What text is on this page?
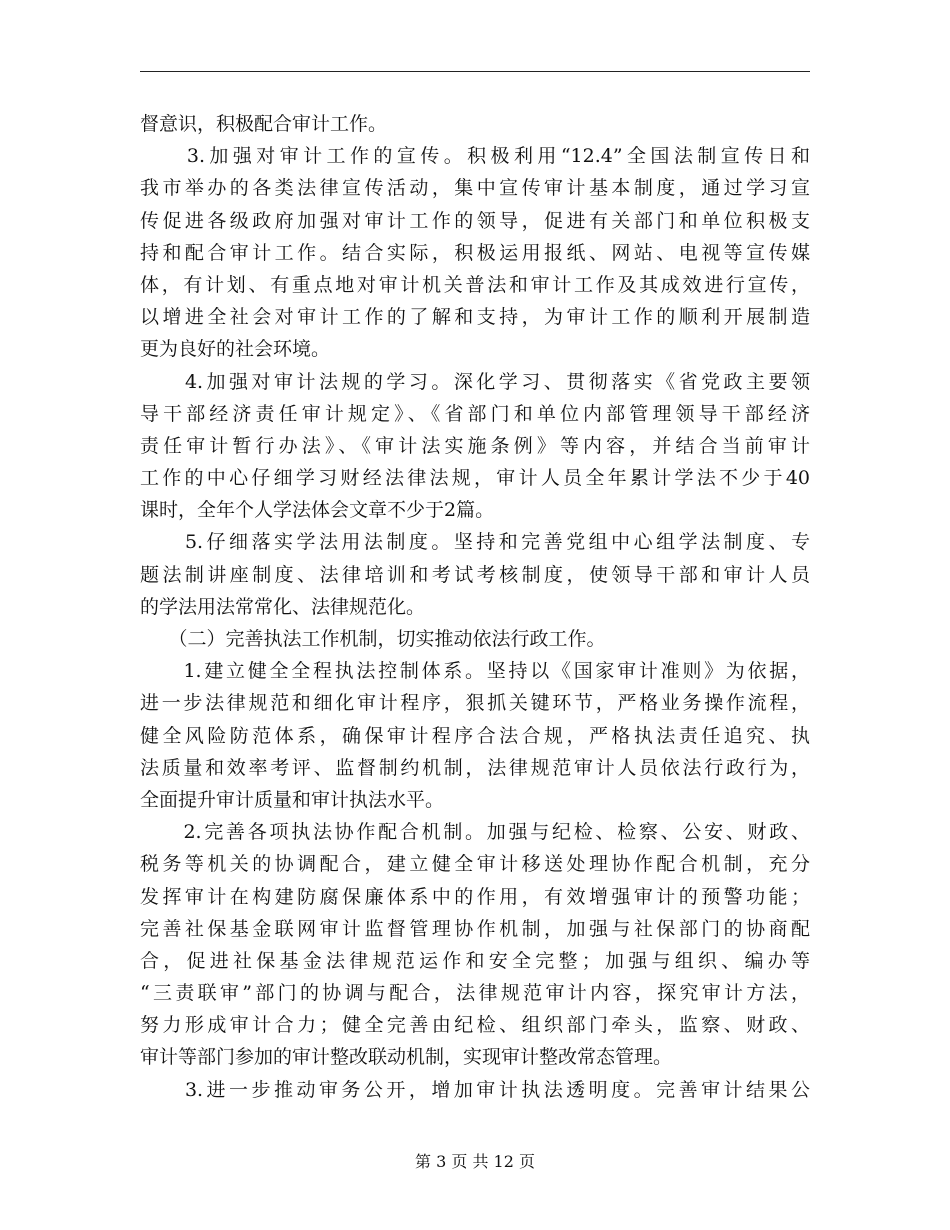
督意识，积极配合审计工作。
　　3.加强对审计工作的宣传。积极利用“12.4”全国法制宣传日和
我市举办的各类法律宣传活动，集中宣传审计基本制度，通过学习宣
传促进各级政府加强对审计工作的领导，促进有关部门和单位积极支
持和配合审计工作。结合实际，积极运用报纸、网站、电视等宣传媒
体，有计划、有重点地对审计机关普法和审计工作及其成效进行宣传，
以增进全社会对审计工作的了解和支持，为审计工作的顺利开展制造
更为良好的社会环境。
　　4.加强对审计法规的学习。深化学习、贯彻落实《省党政主要领
导干部经济责任审计规定》、《省部门和单位内部管理领导干部经济
责任审计暂行办法》、《审计法实施条例》等内容，并结合当前审计
工作的中心仔细学习财经法律法规，审计人员全年累计学法不少于40
课时，全年个人学法体会文章不少于2篇。
　　5.仔细落实学法用法制度。坚持和完善党组中心组学法制度、专
题法制讲座制度、法律培训和考试考核制度，使领导干部和审计人员
的学法用法常常化、法律规范化。
　　（二）完善执法工作机制，切实推动依法行政工作。
　　1.建立健全全程执法控制体系。坚持以《国家审计准则》为依据，
进一步法律规范和细化审计程序，狠抓关键环节，严格业务操作流程，
健全风险防范体系，确保审计程序合法合规，严格执法责任追究、执
法质量和效率考评、监督制约机制，法律规范审计人员依法行政行为，
全面提升审计质量和审计执法水平。
　　2.完善各项执法协作配合机制。加强与纪检、检察、公安、财政、
税务等机关的协调配合，建立健全审计移送处理协作配合机制，充分
发挥审计在构建防腐保廉体系中的作用，有效增强审计的预警功能；
完善社保基金联网审计监督管理协作机制，加强与社保部门的协商配
合，促进社保基金法律规范运作和安全完整；加强与组织、编办等
“三责联审”部门的协调与配合，法律规范审计内容，探究审计方法，
努力形成审计合力；健全完善由纪检、组织部门牵头，监察、财政、
审计等部门参加的审计整改联动机制，实现审计整改常态管理。
　　3.进一步推动审务公开，增加审计执法透明度。完善审计结果公
第 3 页 共 12 页
